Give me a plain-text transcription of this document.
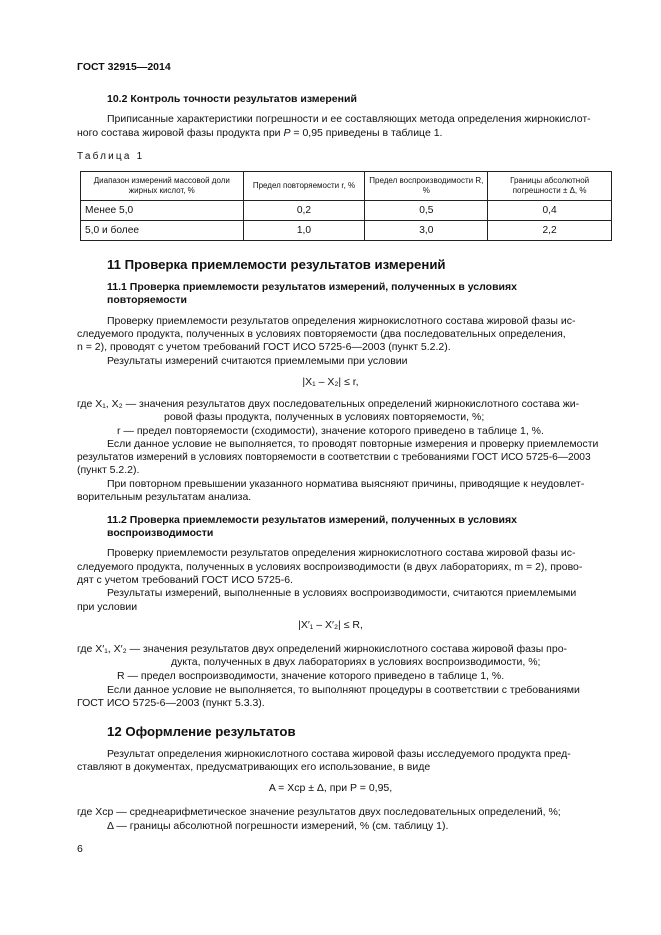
ГОСТ 32915—2014
10.2 Контроль точности результатов измерений
Приписанные характеристики погрешности и ее составляющих метода определения жирнокислот-
ного состава жировой фазы продукта при P = 0,95 приведены в таблице 1.
Таблица 1
Диапазон измерений массовой доли жирных кислот, %	Предел повторяемости r, %	Предел воспроизводимости R, %	Границы абсолютной погрешности ± Δ, %
Менее 5,0	0,2	0,5	0,4
5,0 и более	1,0	3,0	2,2
11 Проверка приемлемости результатов измерений
11.1 Проверка приемлемости результатов измерений, полученных в условиях
повторяемости
Проверку приемлемости результатов определения жирнокислотного состава жировой фазы ис-
следуемого продукта, полученных в условиях повторяемости (два последовательных определения,
n = 2), проводят с учетом требований ГОСТ ИСО 5725-6—2003 (пункт 5.2.2).
Результаты измерений считаются приемлемыми при условии
|X₁ – X₂| ≤ r,
где X₁, X₂ — значения результатов двух последовательных определений жирнокислотного состава жи-
ровой фазы продукта, полученных в условиях повторяемости, %;
r — предел повторяемости (сходимости), значение которого приведено в таблице 1, %.
Если данное условие не выполняется, то проводят повторные измерения и проверку приемлемости
результатов измерений в условиях повторяемости в соответствии с требованиями ГОСТ ИСО 5725-6—2003
(пункт 5.2.2).
При повторном превышении указанного норматива выясняют причины, приводящие к неудовлет-
ворительным результатам анализа.
11.2 Проверка приемлемости результатов измерений, полученных в условиях
воспроизводимости
Проверку приемлемости результатов определения жирнокислотного состава жировой фазы ис-
следуемого продукта, полученных в условиях воспроизводимости (в двух лабораториях, m = 2), прово-
дят с учетом требований ГОСТ ИСО 5725-6.
Результаты измерений, выполненные в условиях воспроизводимости, считаются приемлемыми
при условии
|X′₁ – X′₂| ≤ R,
где X′₁, X′₂ — значения результатов двух определений жирнокислотного состава жировой фазы про-
дукта, полученных в двух лабораториях в условиях воспроизводимости, %;
R — предел воспроизводимости, значение которого приведено в таблице 1, %.
Если данное условие не выполняется, то выполняют процедуры в соответствии с требованиями
ГОСТ ИСО 5725-6—2003 (пункт 5.3.3).
12 Оформление результатов
Результат определения жирнокислотного состава жировой фазы исследуемого продукта пред-
ставляют в документах, предусматривающих его использование, в виде
A = Xср ± Δ, при P = 0,95,
где Xср — среднеарифметическое значение результатов двух последовательных определений, %;
Δ — границы абсолютной погрешности измерений, % (см. таблицу 1).
6
